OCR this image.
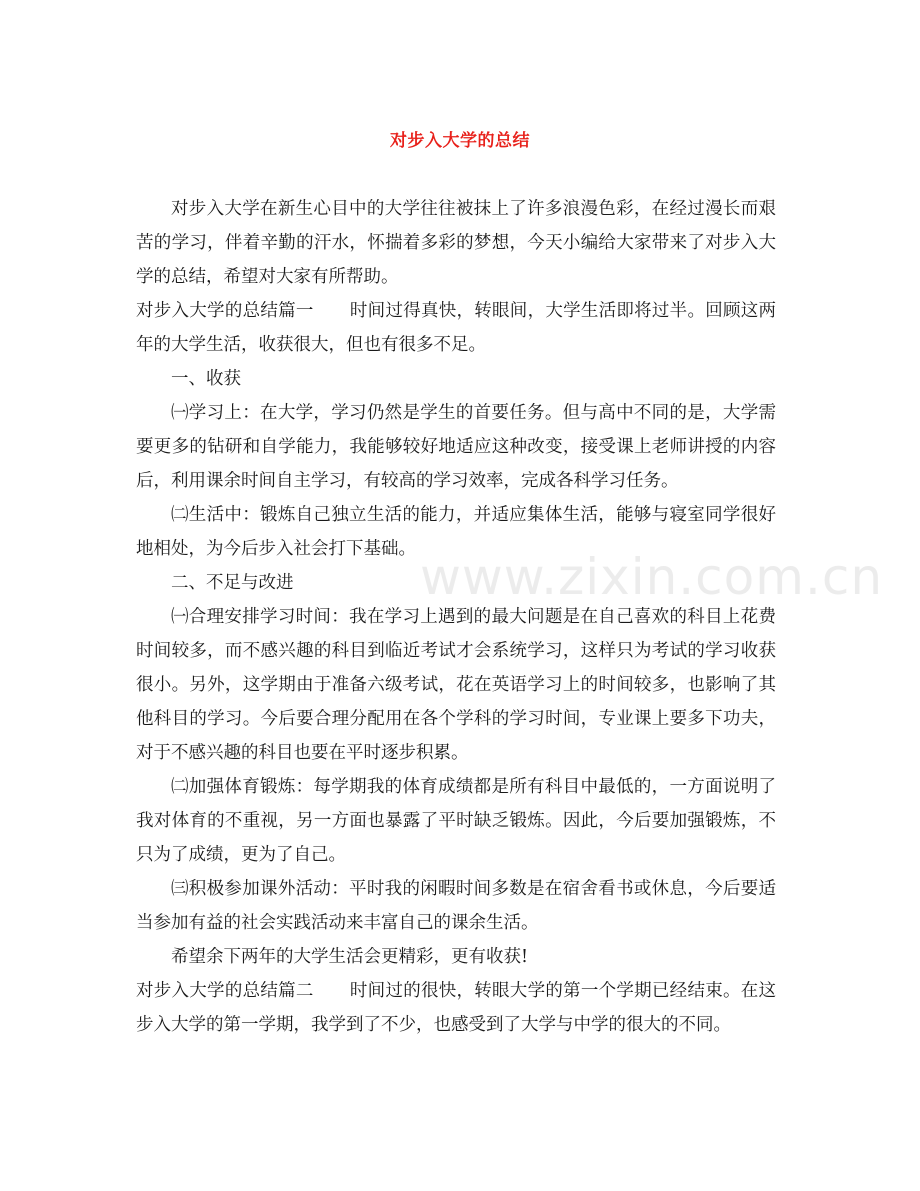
对步入大学的总结

对步入大学在新生心目中的大学往往被抹上了许多浪漫色彩，在经过漫长而艰苦的学习，伴着辛勤的汗水，怀揣着多彩的梦想，今天小编给大家带来了对步入大学的总结，希望对大家有所帮助。

对步入大学的总结篇一 时间过得真快，转眼间，大学生活即将过半。回顾这两年的大学生活，收获很大，但也有很多不足。

一、收获

㈠学习上：在大学，学习仍然是学生的首要任务。但与高中不同的是，大学需要更多的钻研和自学能力，我能够较好地适应这种改变，接受课上老师讲授的内容后，利用课余时间自主学习，有较高的学习效率，完成各科学习任务。

㈡生活中：锻炼自己独立生活的能力，并适应集体生活，能够与寝室同学很好地相处，为今后步入社会打下基础。

二、不足与改进

㈠合理安排学习时间：我在学习上遇到的最大问题是在自己喜欢的科目上花费时间较多，而不感兴趣的科目到临近考试才会系统学习，这样只为考试的学习收获很小。另外，这学期由于准备六级考试，花在英语学习上的时间较多，也影响了其他科目的学习。今后要合理分配用在各个学科的学习时间，专业课上要多下功夫，对于不感兴趣的科目也要在平时逐步积累。

㈡加强体育锻炼：每学期我的体育成绩都是所有科目中最低的，一方面说明了我对体育的不重视，另一方面也暴露了平时缺乏锻炼。因此，今后要加强锻炼，不只为了成绩，更为了自己。

㈢积极参加课外活动：平时我的闲暇时间多数是在宿舍看书或休息，今后要适当参加有益的社会实践活动来丰富自己的课余生活。

希望余下两年的大学生活会更精彩，更有收获!

对步入大学的总结篇二 时间过的很快，转眼大学的第一个学期已经结束。在这步入大学的第一学期，我学到了不少，也感受到了大学与中学的很大的不同。

www.zixin.com.cn
